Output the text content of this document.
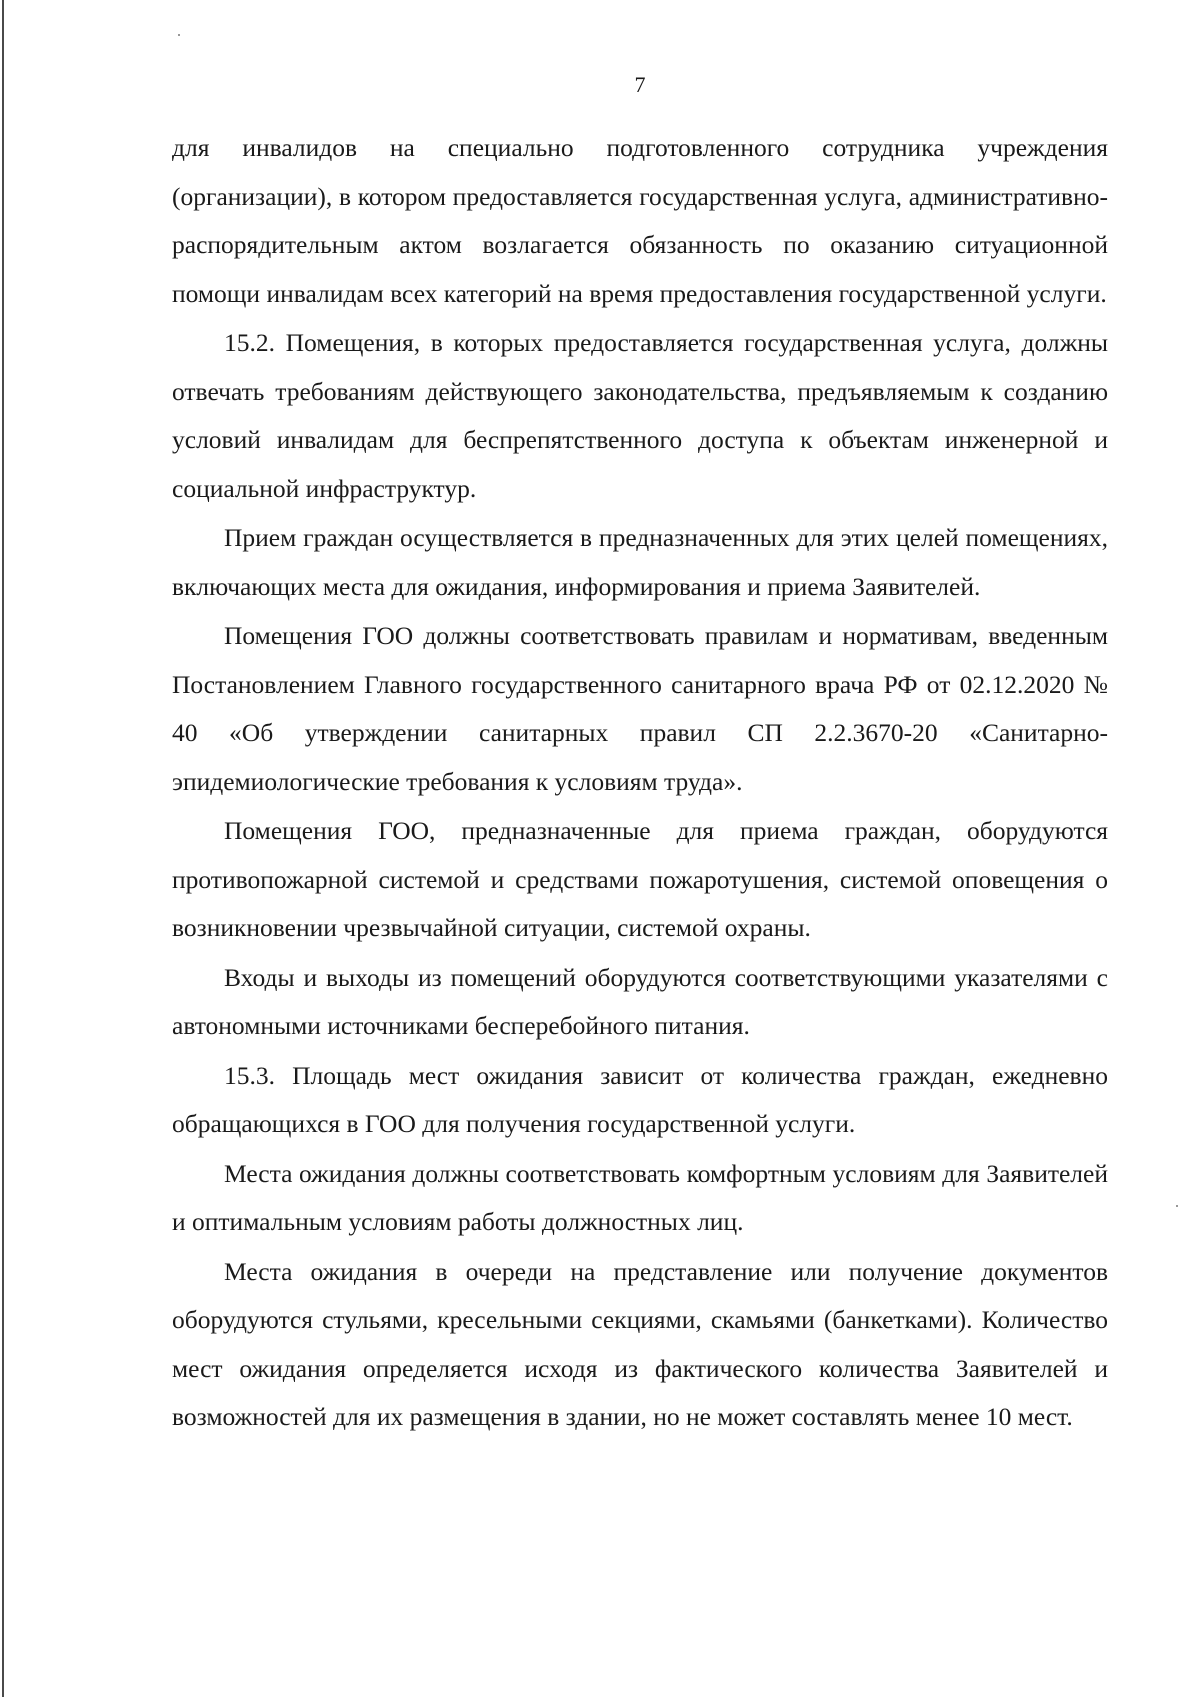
7

для инвалидов на специально подготовленного сотрудника учреждения (организации), в котором предоставляется государственная услуга, административно-распорядительным актом возлагается обязанность по оказанию ситуационной помощи инвалидам всех категорий на время предоставления государственной услуги.

15.2. Помещения, в которых предоставляется государственная услуга, должны отвечать требованиям действующего законодательства, предъявляемым к созданию условий инвалидам для беспрепятственного доступа к объектам инженерной и социальной инфраструктур.

Прием граждан осуществляется в предназначенных для этих целей помещениях, включающих места для ожидания, информирования и приема Заявителей.

Помещения ГОО должны соответствовать правилам и нормативам, введенным Постановлением Главного государственного санитарного врача РФ от 02.12.2020 № 40 «Об утверждении санитарных правил СП 2.2.3670-20 «Санитарно-эпидемиологические требования к условиям труда».

Помещения ГОО, предназначенные для приема граждан, оборудуются противопожарной системой и средствами пожаротушения, системой оповещения о возникновении чрезвычайной ситуации, системой охраны.

Входы и выходы из помещений оборудуются соответствующими указателями с автономными источниками бесперебойного питания.

15.3. Площадь мест ожидания зависит от количества граждан, ежедневно обращающихся в ГОО для получения государственной услуги.

Места ожидания должны соответствовать комфортным условиям для Заявителей и оптимальным условиям работы должностных лиц.

Места ожидания в очереди на представление или получение документов оборудуются стульями, кресельными секциями, скамьями (банкетками). Количество мест ожидания определяется исходя из фактического количества Заявителей и возможностей для их размещения в здании, но не может составлять менее 10 мест.
